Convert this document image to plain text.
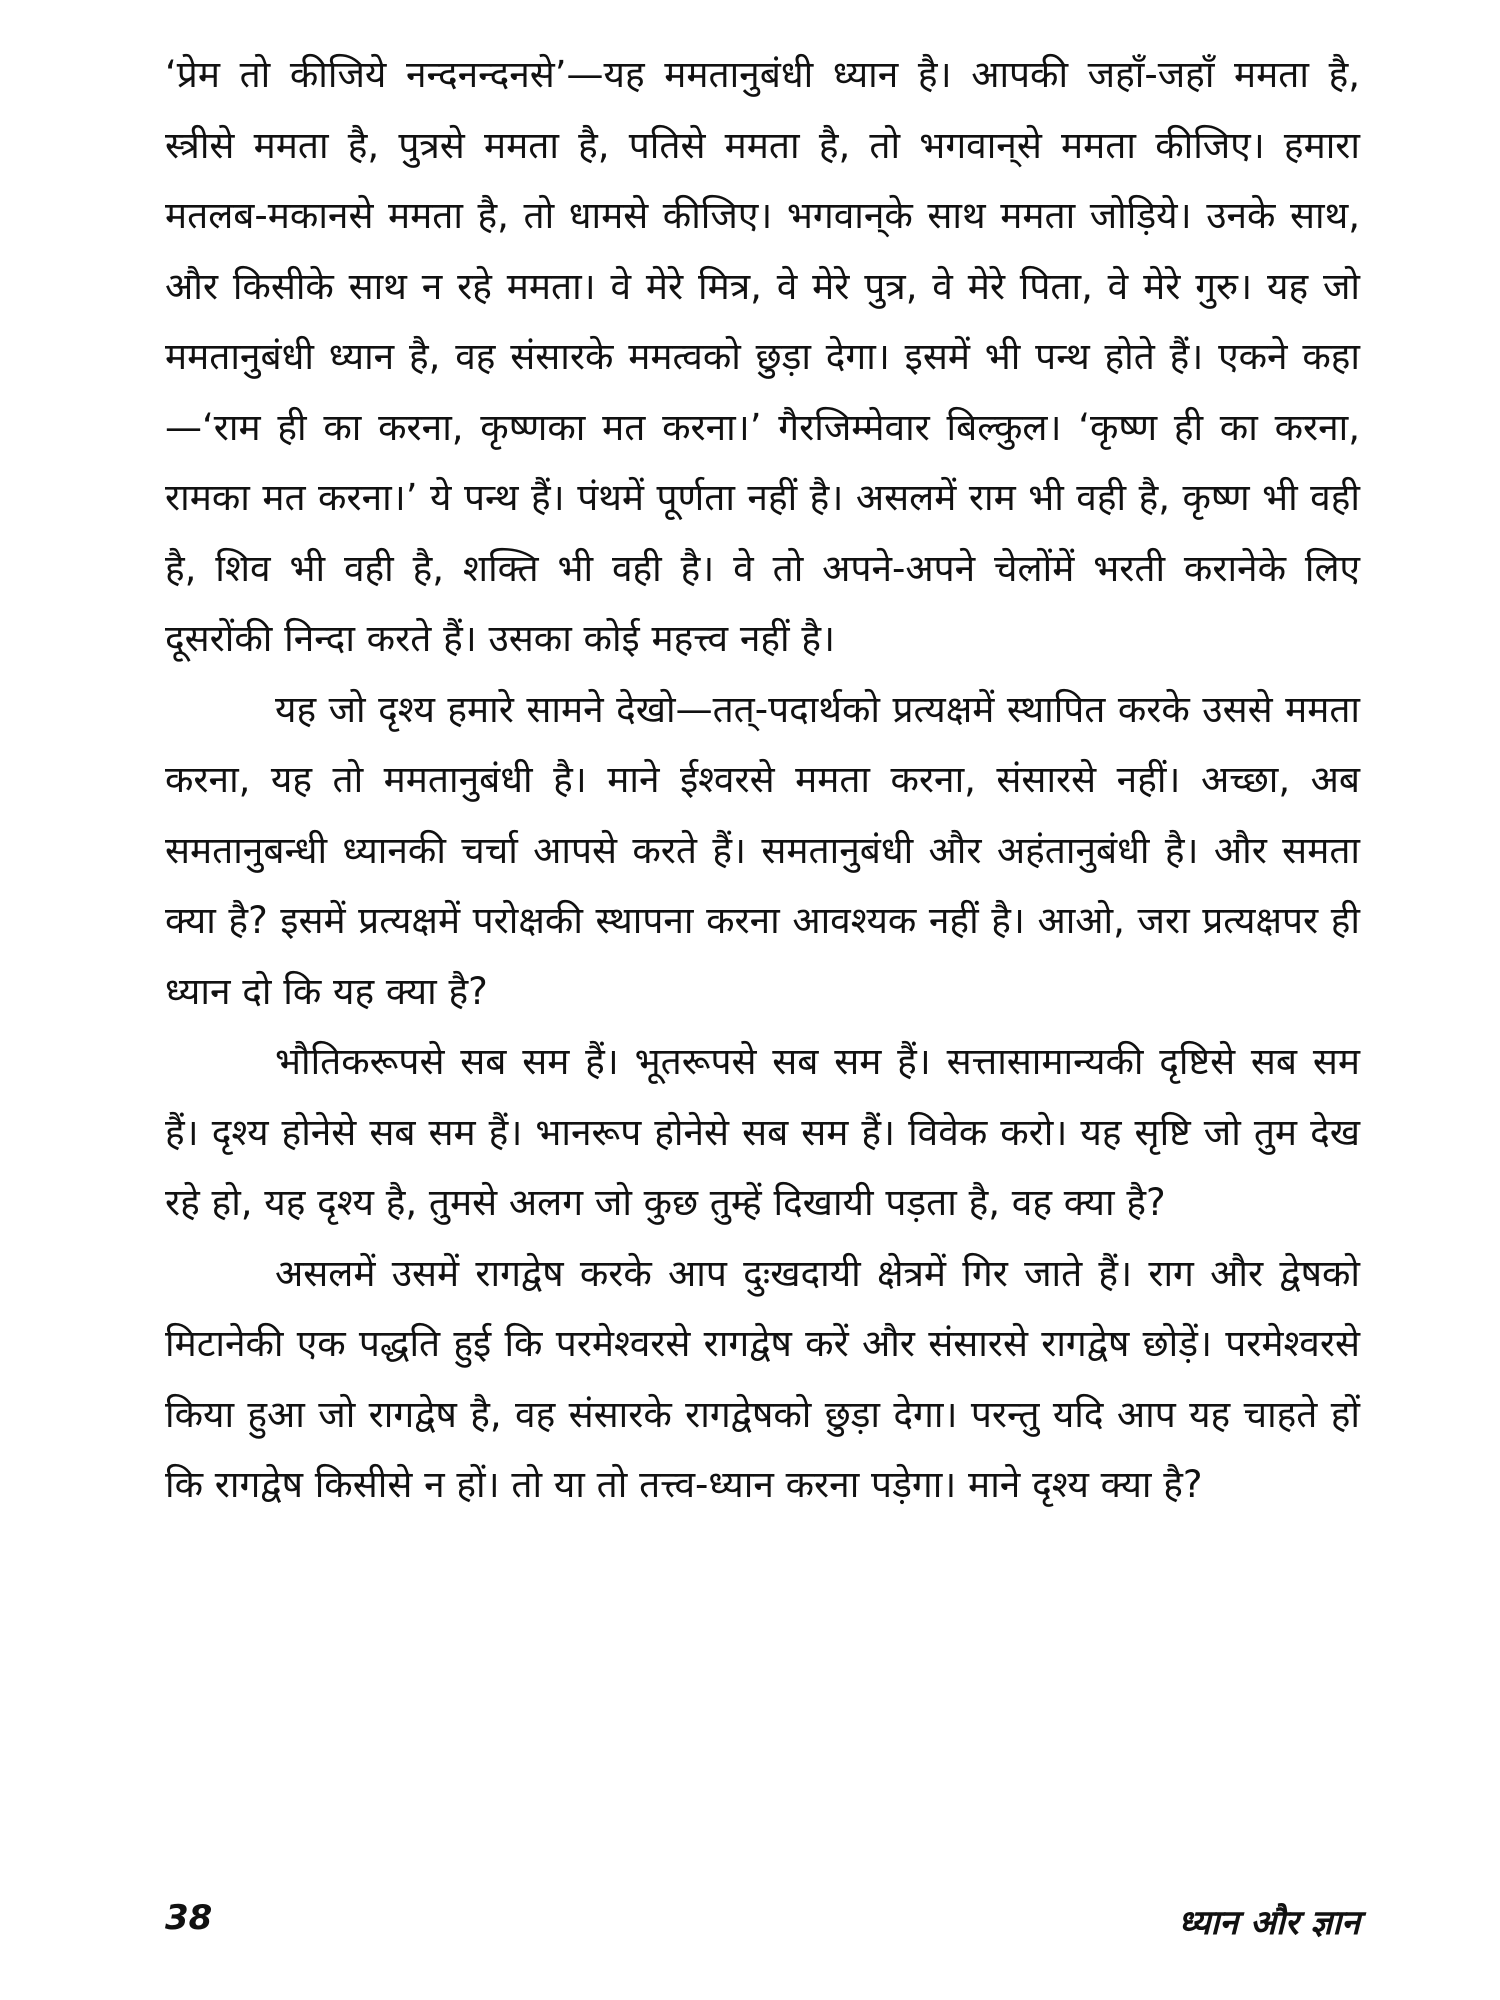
‘प्रेम तो कीजिये नन्दनन्दनसे’—यह ममतानुबंधी ध्यान है। आपकी जहाँ-जहाँ ममता है, स्त्रीसे ममता है, पुत्रसे ममता है, पतिसे ममता है, तो भगवान्‌से ममता कीजिए। हमारा मतलब-मकानसे ममता है, तो धामसे कीजिए। भगवान्‌के साथ ममता जोड़िये। उनके साथ, और किसीके साथ न रहे ममता। वे मेरे मित्र, वे मेरे पुत्र, वे मेरे पिता, वे मेरे गुरु। यह जो ममतानुबंधी ध्यान है, वह संसारके ममत्वको छुड़ा देगा। इसमें भी पन्थ होते हैं। एकने कहा—‘राम ही का करना, कृष्णका मत करना।’ गैरजिम्मेवार बिल्कुल। ‘कृष्ण ही का करना, रामका मत करना।’ ये पन्थ हैं। पंथमें पूर्णता नहीं है। असलमें राम भी वही है, कृष्ण भी वही है, शिव भी वही है, शक्ति भी वही है। वे तो अपने-अपने चेलोंमें भरती करानेके लिए दूसरोंकी निन्दा करते हैं। उसका कोई महत्त्व नहीं है।

यह जो दृश्य हमारे सामने देखो—तत्-पदार्थको प्रत्यक्षमें स्थापित करके उससे ममता करना, यह तो ममतानुबंधी है। माने ईश्वरसे ममता करना, संसारसे नहीं। अच्छा, अब समतानुबन्धी ध्यानकी चर्चा आपसे करते हैं। समतानुबंधी और अहंतानुबंधी है। और समता क्या है? इसमें प्रत्यक्षमें परोक्षकी स्थापना करना आवश्यक नहीं है। आओ, जरा प्रत्यक्षपर ही ध्यान दो कि यह क्या है?

भौतिकरूपसे सब सम हैं। भूतरूपसे सब सम हैं। सत्तासामान्यकी दृष्टिसे सब सम हैं। दृश्य होनेसे सब सम हैं। भानरूप होनेसे सब सम हैं। विवेक करो। यह सृष्टि जो तुम देख रहे हो, यह दृश्य है, तुमसे अलग जो कुछ तुम्हें दिखायी पड़ता है, वह क्या है?

असलमें उसमें रागद्वेष करके आप दुःखदायी क्षेत्रमें गिर जाते हैं। राग और द्वेषको मिटानेकी एक पद्धति हुई कि परमेश्वरसे रागद्वेष करें और संसारसे रागद्वेष छोड़ें। परमेश्वरसे किया हुआ जो रागद्वेष है, वह संसारके रागद्वेषको छुड़ा देगा। परन्तु यदि आप यह चाहते हों कि रागद्वेष किसीसे न हों। तो या तो तत्त्व-ध्यान करना पड़ेगा। माने दृश्य क्या है?

38	ध्यान और ज्ञान
